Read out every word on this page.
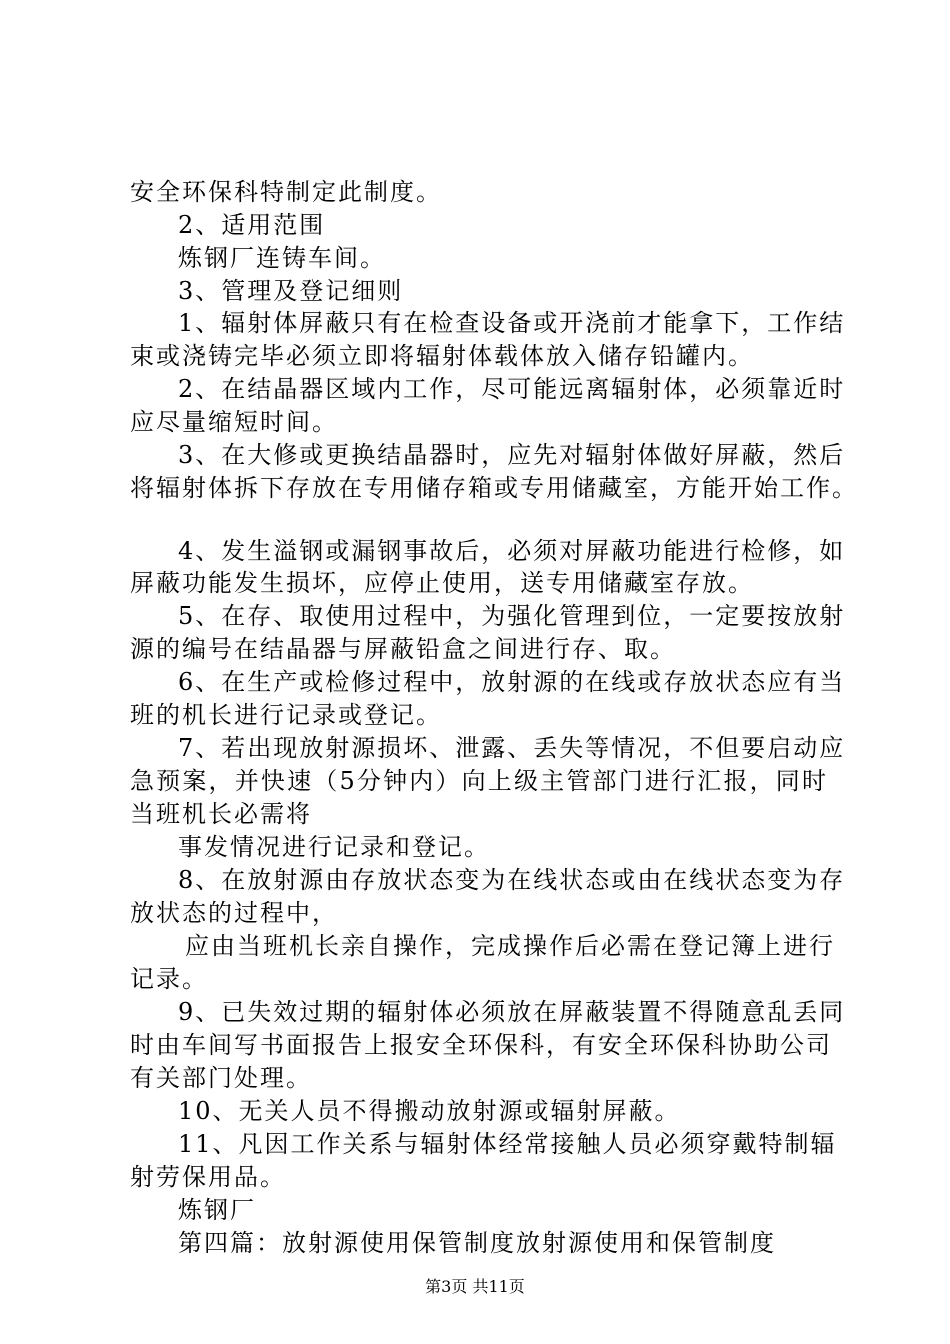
安全环保科特制定此制度。
2、适用范围
炼钢厂连铸车间。
3、管理及登记细则
1、辐射体屏蔽只有在检查设备或开浇前才能拿下，工作结
束或浇铸完毕必须立即将辐射体载体放入储存铅罐内。
2、在结晶器区域内工作，尽可能远离辐射体，必须靠近时
应尽量缩短时间。
3、在大修或更换结晶器时，应先对辐射体做好屏蔽，然后
将辐射体拆下存放在专用储存箱或专用储藏室，方能开始工作。
4、发生溢钢或漏钢事故后，必须对屏蔽功能进行检修，如
屏蔽功能发生损坏，应停止使用，送专用储藏室存放。
5、在存、取使用过程中，为强化管理到位，一定要按放射
源的编号在结晶器与屏蔽铅盒之间进行存、取。
6、在生产或检修过程中，放射源的在线或存放状态应有当
班的机长进行记录或登记。
7、若出现放射源损坏、泄露、丢失等情况，不但要启动应
急预案，并快速（5分钟内）向上级主管部门进行汇报，同时
当班机长必需将
事发情况进行记录和登记。
8、在放射源由存放状态变为在线状态或由在线状态变为存
放状态的过程中，
应由当班机长亲自操作，完成操作后必需在登记簿上进行
记录。
9、已失效过期的辐射体必须放在屏蔽装置不得随意乱丢同
时由车间写书面报告上报安全环保科，有安全环保科协助公司
有关部门处理。
10、无关人员不得搬动放射源或辐射屏蔽。
11、凡因工作关系与辐射体经常接触人员必须穿戴特制辐
射劳保用品。
炼钢厂
第四篇：放射源使用保管制度放射源使用和保管制度
第3页 共11页
